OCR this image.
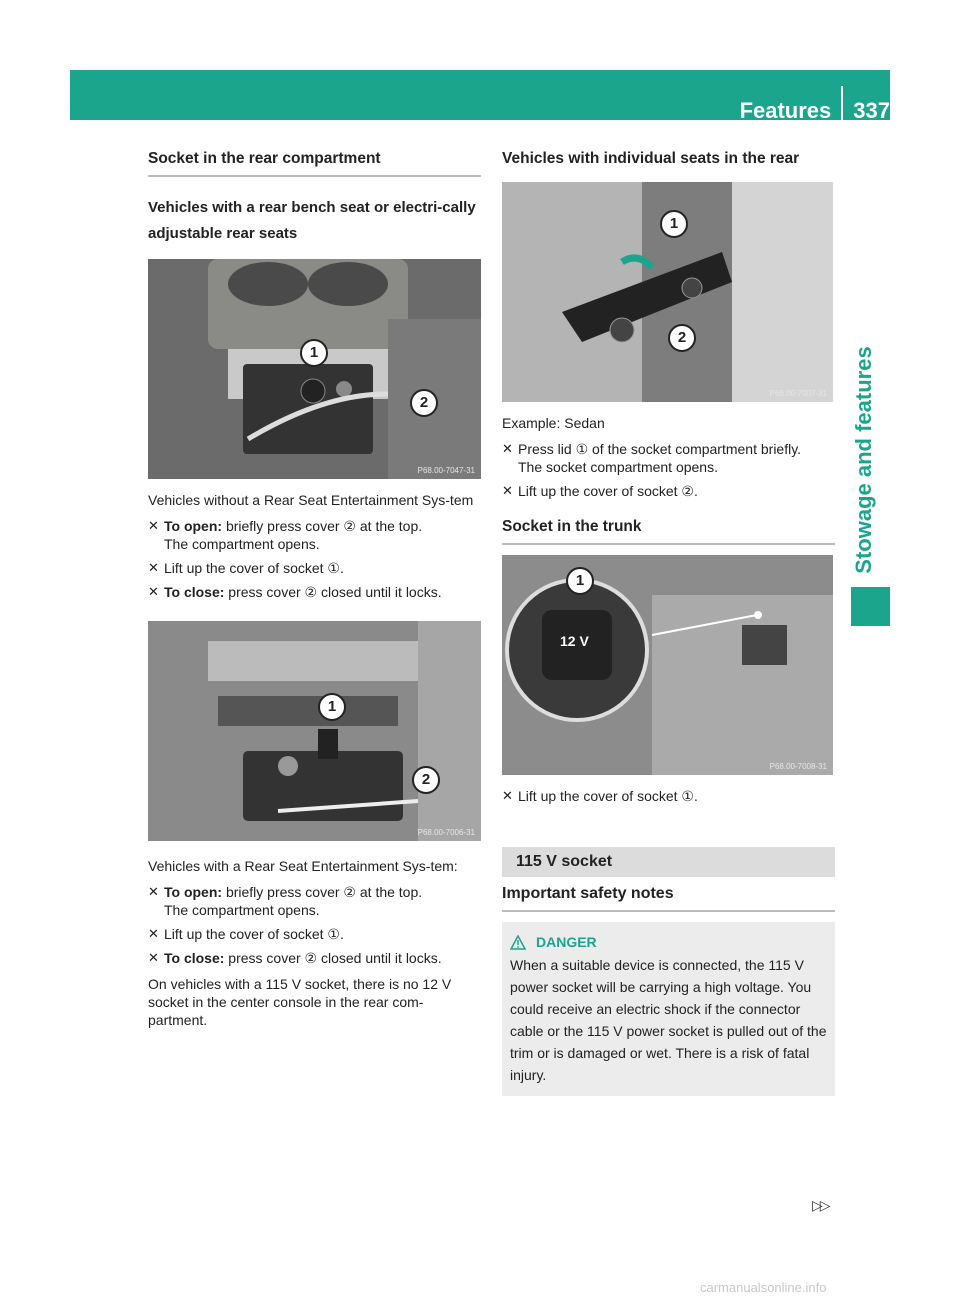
Features 337
Stowage and features
Socket in the rear compartment
Vehicles with a rear bench seat or electri-cally adjustable rear seats
1
2
P68.00-7047-31

Vehicles without a Rear Seat Entertainment Sys-tem

✕ To open: briefly press cover ② at the top.
The compartment opens.
✕ Lift up the cover of socket ①.
✕ To close: press cover ② closed until it locks.
1
2
P68.00-7006-31

Vehicles with a Rear Seat Entertainment Sys-tem:

✕ To open: briefly press cover ② at the top.
The compartment opens.
✕ Lift up the cover of socket ①.
✕ To close: press cover ② closed until it locks.

On vehicles with a 115 V socket, there is no 12 V socket in the center console in the rear com-partment.

Vehicles with individual seats in the rear
1
2
P68.00-7007-31

Example: Sedan

✕ Press lid ① of the socket compartment briefly.
The socket compartment opens.
✕ Lift up the cover of socket ②.
Socket in the trunk
12 V
1
P68.00-7008-31
✕ Lift up the cover of socket ①.
115 V socket
Important safety notes
DANGER
When a suitable device is connected, the 115 V power socket will be carrying a high voltage. You could receive an electric shock if the connector cable or the 115 V power socket is pulled out of the trim or is damaged or wet. There is a risk of fatal injury.
▷▷
carmanualsonline.info
